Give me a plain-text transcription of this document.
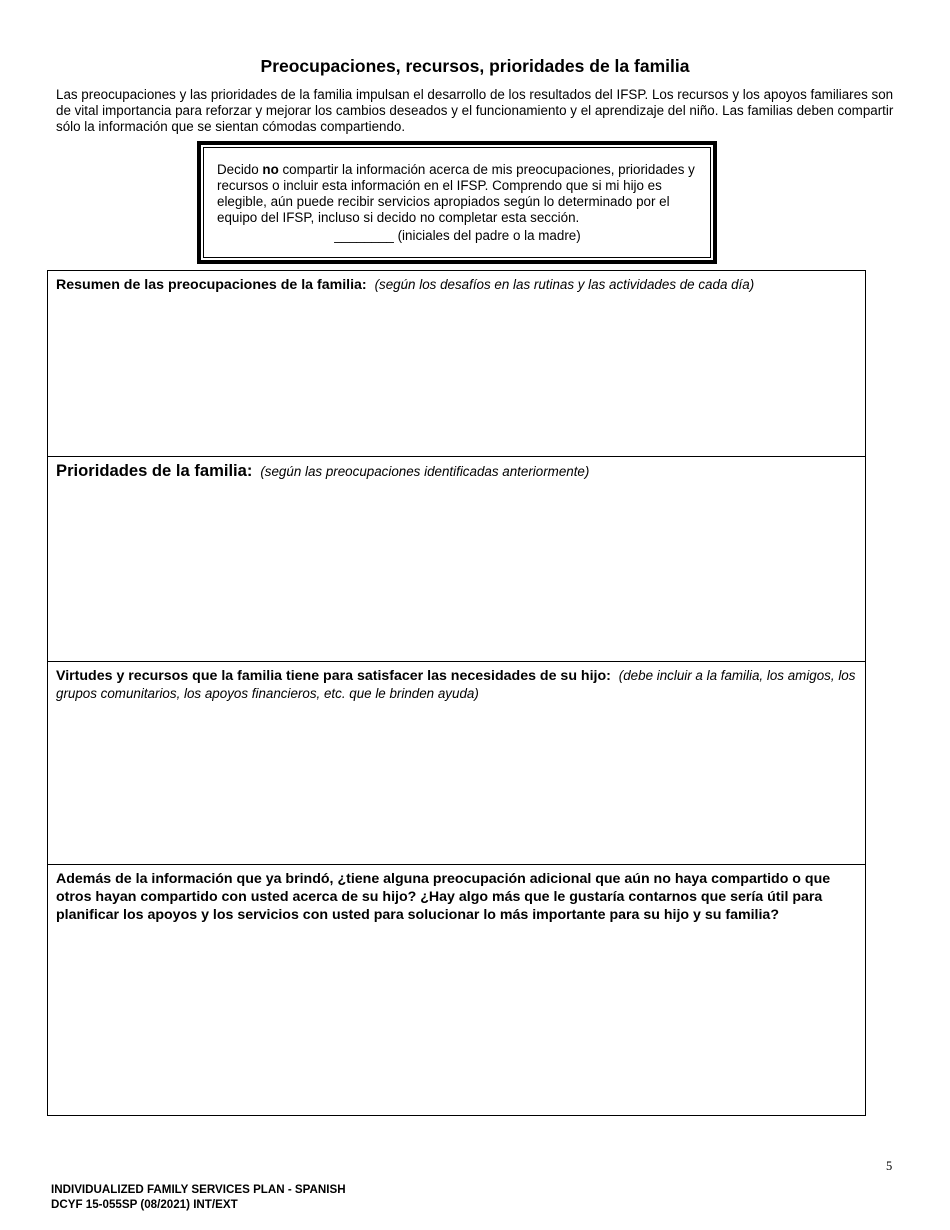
Preocupaciones, recursos, prioridades de la familia
Las preocupaciones y las prioridades de la familia impulsan el desarrollo de los resultados del IFSP. Los recursos y los apoyos familiares son de vital importancia para reforzar y mejorar los cambios deseados y el funcionamiento y el aprendizaje del niño. Las familias deben compartir sólo la información que se sientan cómodas compartiendo.
Decido no compartir la información acerca de mis preocupaciones, prioridades y recursos o incluir esta información en el IFSP. Comprendo que si mi hijo es elegible, aún puede recibir servicios apropiados según lo determinado por el equipo del IFSP, incluso si decido no completar esta sección.
________ (iniciales del padre o la madre)
Resumen de las preocupaciones de la familia: (según los desafíos en las rutinas y las actividades de cada día)
Prioridades de la familia: (según las preocupaciones identificadas anteriormente)
Virtudes y recursos que la familia tiene para satisfacer las necesidades de su hijo: (debe incluir a la familia, los amigos, los grupos comunitarios, los apoyos financieros, etc. que le brinden ayuda)
Además de la información que ya brindó, ¿tiene alguna preocupación adicional que aún no haya compartido o que otros hayan compartido con usted acerca de su hijo? ¿Hay algo más que le gustaría contarnos que sería útil para planificar los apoyos y los servicios con usted para solucionar lo más importante para su hijo y su familia?
5
INDIVIDUALIZED FAMILY SERVICES PLAN - SPANISH
DCYF 15-055SP (08/2021) INT/EXT
